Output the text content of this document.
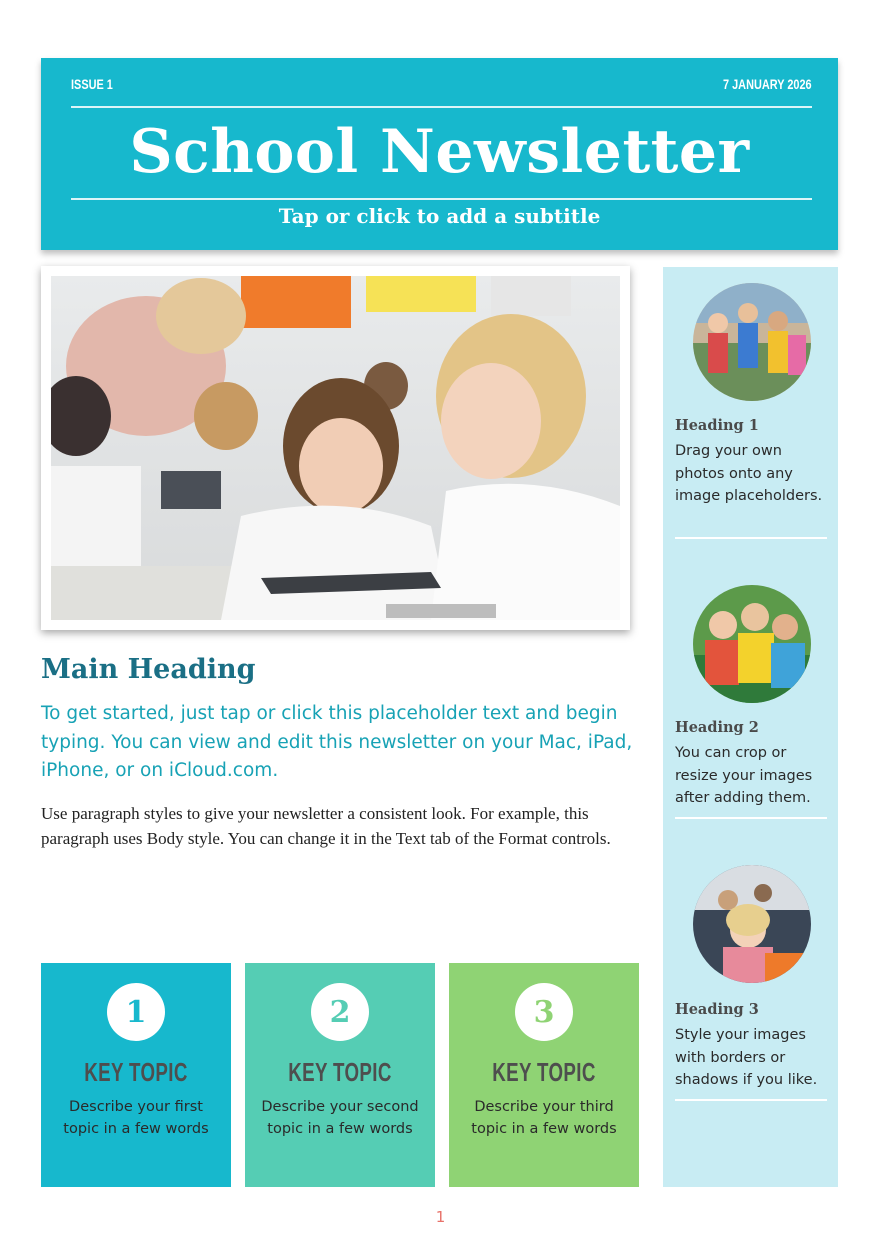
ISSUE 1	7 JANUARY 2026
School Newsletter
Tap or click to add a subtitle
Main Heading
To get started, just tap or click this placeholder text and begin typing. You can view and edit this newsletter on your Mac, iPad, iPhone, or on iCloud.com.
Use paragraph styles to give your newsletter a consistent look. For example, this paragraph uses Body style. You can change it in the Text tab of the Format controls.
1
KEY TOPIC
Describe your first topic in a few words
2
KEY TOPIC
Describe your second topic in a few words
3
KEY TOPIC
Describe your third topic in a few words
Heading 1
Drag your own photos onto any image placeholders.
Heading 2
You can crop or resize your images after adding them.
Heading 3
Style your images with borders or shadows if you like.
1
